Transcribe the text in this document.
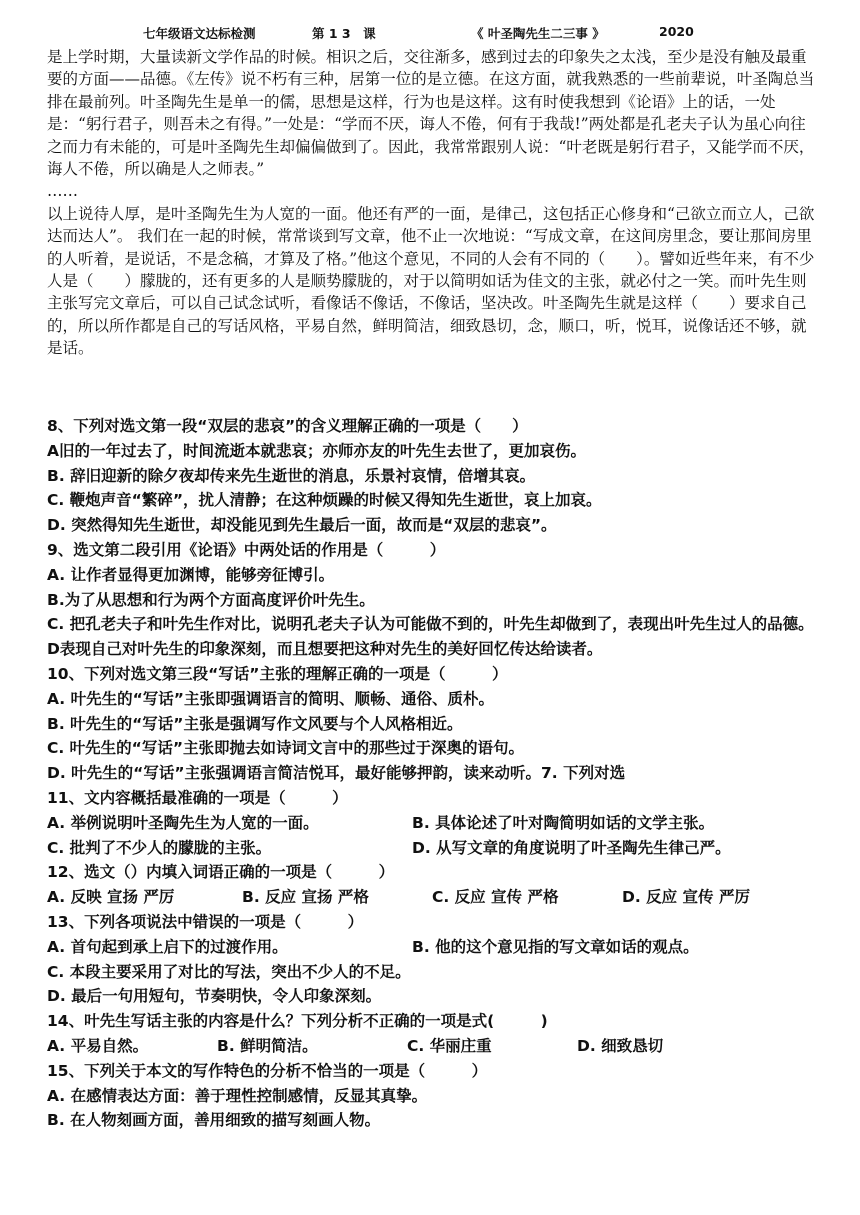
七年级语文达标检测	第 1 3　课	《 叶圣陶先生二三事 》	2020

是上学时期，大量读新文学作品的时候。相识之后，交往渐多，感到过去的印象失之太浅，至少是没有触及最重要的方面——品德。《左传》说不朽有三种，居第一位的是立德。在这方面，就我熟悉的一些前辈说，叶圣陶总当排在最前列。叶圣陶先生是单一的儒，思想是这样，行为也是这样。这有时使我想到《论语》上的话，一处是：“躬行君子，则吾未之有得。”一处是：“学而不厌，诲人不倦，何有于我哉!”两处都是孔老夫子认为虽心向往之而力有未能的，可是叶圣陶先生却偏偏做到了。因此，我常常跟别人说：“叶老既是躬行君子，又能学而不厌，诲人不倦，所以确是人之师表。”

……

以上说待人厚，是叶圣陶先生为人宽的一面。他还有严的一面，是律己，这包括正心修身和“己欲立而立人，己欲达而达人”。 我们在一起的时候，常常谈到写文章，他不止一次地说：“写成文章，在这间房里念，要让那间房里的人听着，是说话，不是念稿，才算及了格。”他这个意见，不同的人会有不同的（　　）。譬如近些年来，有不少人是（　　）朦胧的，还有更多的人是顺势朦胧的，对于以简明如话为佳文的主张，就必付之一笑。而叶先生则主张写完文章后，可以自己试念试听，看像话不像话，不像话，坚决改。叶圣陶先生就是这样（　　）要求自己的，所以所作都是自己的写话风格，平易自然，鲜明简洁，细致恳切，念，顺口，听，悦耳，说像话还不够，就是话。

8、下列对选文第一段“双层的悲哀”的含义理解正确的一项是（　　）
A旧的一年过去了，时间流逝本就悲哀；亦师亦友的叶先生去世了，更加哀伤。
B. 辞旧迎新的除夕夜却传来先生逝世的消息，乐景衬哀情，倍增其哀。
C. 鞭炮声音“繁碎”，扰人清静；在这种烦躁的时候又得知先生逝世，哀上加哀。
D. 突然得知先生逝世，却没能见到先生最后一面，故而是“双层的悲哀”。
9、选文第二段引用《论语》中两处话的作用是（　　　）
A. 让作者显得更加渊博，能够旁征博引。
B.为了从思想和行为两个方面高度评价叶先生。
C. 把孔老夫子和叶先生作对比，说明孔老夫子认为可能做不到的，叶先生却做到了，表现出叶先生过人的品德。
D表现自己对叶先生的印象深刻，而且想要把这种对先生的美好回忆传达给读者。
10、下列对选文第三段“写话”主张的理解正确的一项是（　　　）
A. 叶先生的“写话”主张即强调语言的简明、顺畅、通俗、质朴。
B. 叶先生的“写话”主张是强调写作文风要与个人风格相近。
C. 叶先生的“写话”主张即抛去如诗词文言中的那些过于深奥的语句。
D. 叶先生的“写话”主张强调语言简洁悦耳，最好能够押韵，读来动听。7. 下列对选
11、文内容概括最准确的一项是（　　　）
A. 举例说明叶圣陶先生为人宽的一面。	B. 具体论述了叶对陶简明如话的文学主张。
C. 批判了不少人的朦胧的主张。	D. 从写文章的角度说明了叶圣陶先生律己严。
12、选文（）内填入词语正确的一项是（　　　）
A. 反映 宣扬 严厉	B. 反应 宣扬 严格	C. 反应 宣传 严格	D. 反应 宣传 严厉
13、下列各项说法中错误的一项是（　　　）
A. 首句起到承上启下的过渡作用。	B. 他的这个意见指的写文章如话的观点。
C. 本段主要采用了对比的写法，突出不少人的不足。
D. 最后一句用短句，节奏明快，令人印象深刻。
14、叶先生写话主张的内容是什么？下列分析不正确的一项是式(　　　)
A. 平易自然。	B. 鲜明简洁。	C. 华丽庄重	D. 细致恳切
15、下列关于本文的写作特色的分析不恰当的一项是（　　　）
A. 在感情表达方面：善于理性控制感情，反显其真挚。
B. 在人物刻画方面，善用细致的描写刻画人物。
